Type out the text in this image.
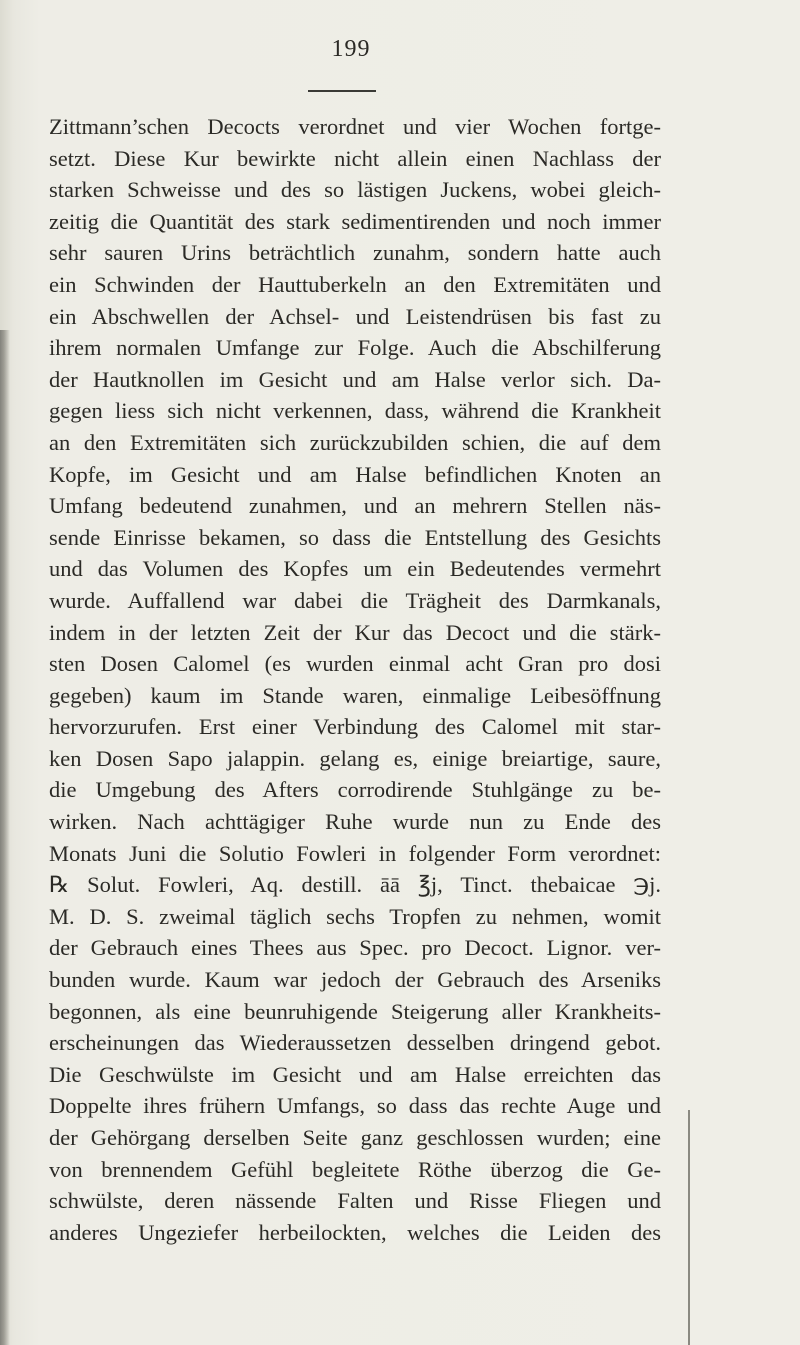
199
Zittmann’schen Decocts verordnet und vier Wochen fortge-
setzt. Diese Kur bewirkte nicht allein einen Nachlass der
starken Schweisse und des so lästigen Juckens, wobei gleich-
zeitig die Quantität des stark sedimentirenden und noch immer
sehr sauren Urins beträchtlich zunahm, sondern hatte auch
ein Schwinden der Hauttuberkeln an den Extremitäten und
ein Abschwellen der Achsel- und Leistendrüsen bis fast zu
ihrem normalen Umfange zur Folge. Auch die Abschilferung
der Hautknollen im Gesicht und am Halse verlor sich. Da-
gegen liess sich nicht verkennen, dass, während die Krankheit
an den Extremitäten sich zurückzubilden schien, die auf dem
Kopfe, im Gesicht und am Halse befindlichen Knoten an
Umfang bedeutend zunahmen, und an mehrern Stellen näs-
sende Einrisse bekamen, so dass die Entstellung des Gesichts
und das Volumen des Kopfes um ein Bedeutendes vermehrt
wurde. Auffallend war dabei die Trägheit des Darmkanals,
indem in der letzten Zeit der Kur das Decoct und die stärk-
sten Dosen Calomel (es wurden einmal acht Gran pro dosi
gegeben) kaum im Stande waren, einmalige Leibesöffnung
hervorzurufen. Erst einer Verbindung des Calomel mit star-
ken Dosen Sapo jalappin. gelang es, einige breiartige, saure,
die Umgebung des Afters corrodirende Stuhlgänge zu be-
wirken. Nach achttägiger Ruhe wurde nun zu Ende des
Monats Juni die Solutio Fowleri in folgender Form verordnet:
℞ Solut. Fowleri, Aq. destill. āā ℥j, Tinct. thebaicae ℈j.
M. D. S. zweimal täglich sechs Tropfen zu nehmen, womit
der Gebrauch eines Thees aus Spec. pro Decoct. Lignor. ver-
bunden wurde. Kaum war jedoch der Gebrauch des Arseniks
begonnen, als eine beunruhigende Steigerung aller Krankheits-
erscheinungen das Wiederaussetzen desselben dringend gebot.
Die Geschwülste im Gesicht und am Halse erreichten das
Doppelte ihres frühern Umfangs, so dass das rechte Auge und
der Gehörgang derselben Seite ganz geschlossen wurden; eine
von brennendem Gefühl begleitete Röthe überzog die Ge-
schwülste, deren nässende Falten und Risse Fliegen und
anderes Ungeziefer herbeilockten, welches die Leiden des
